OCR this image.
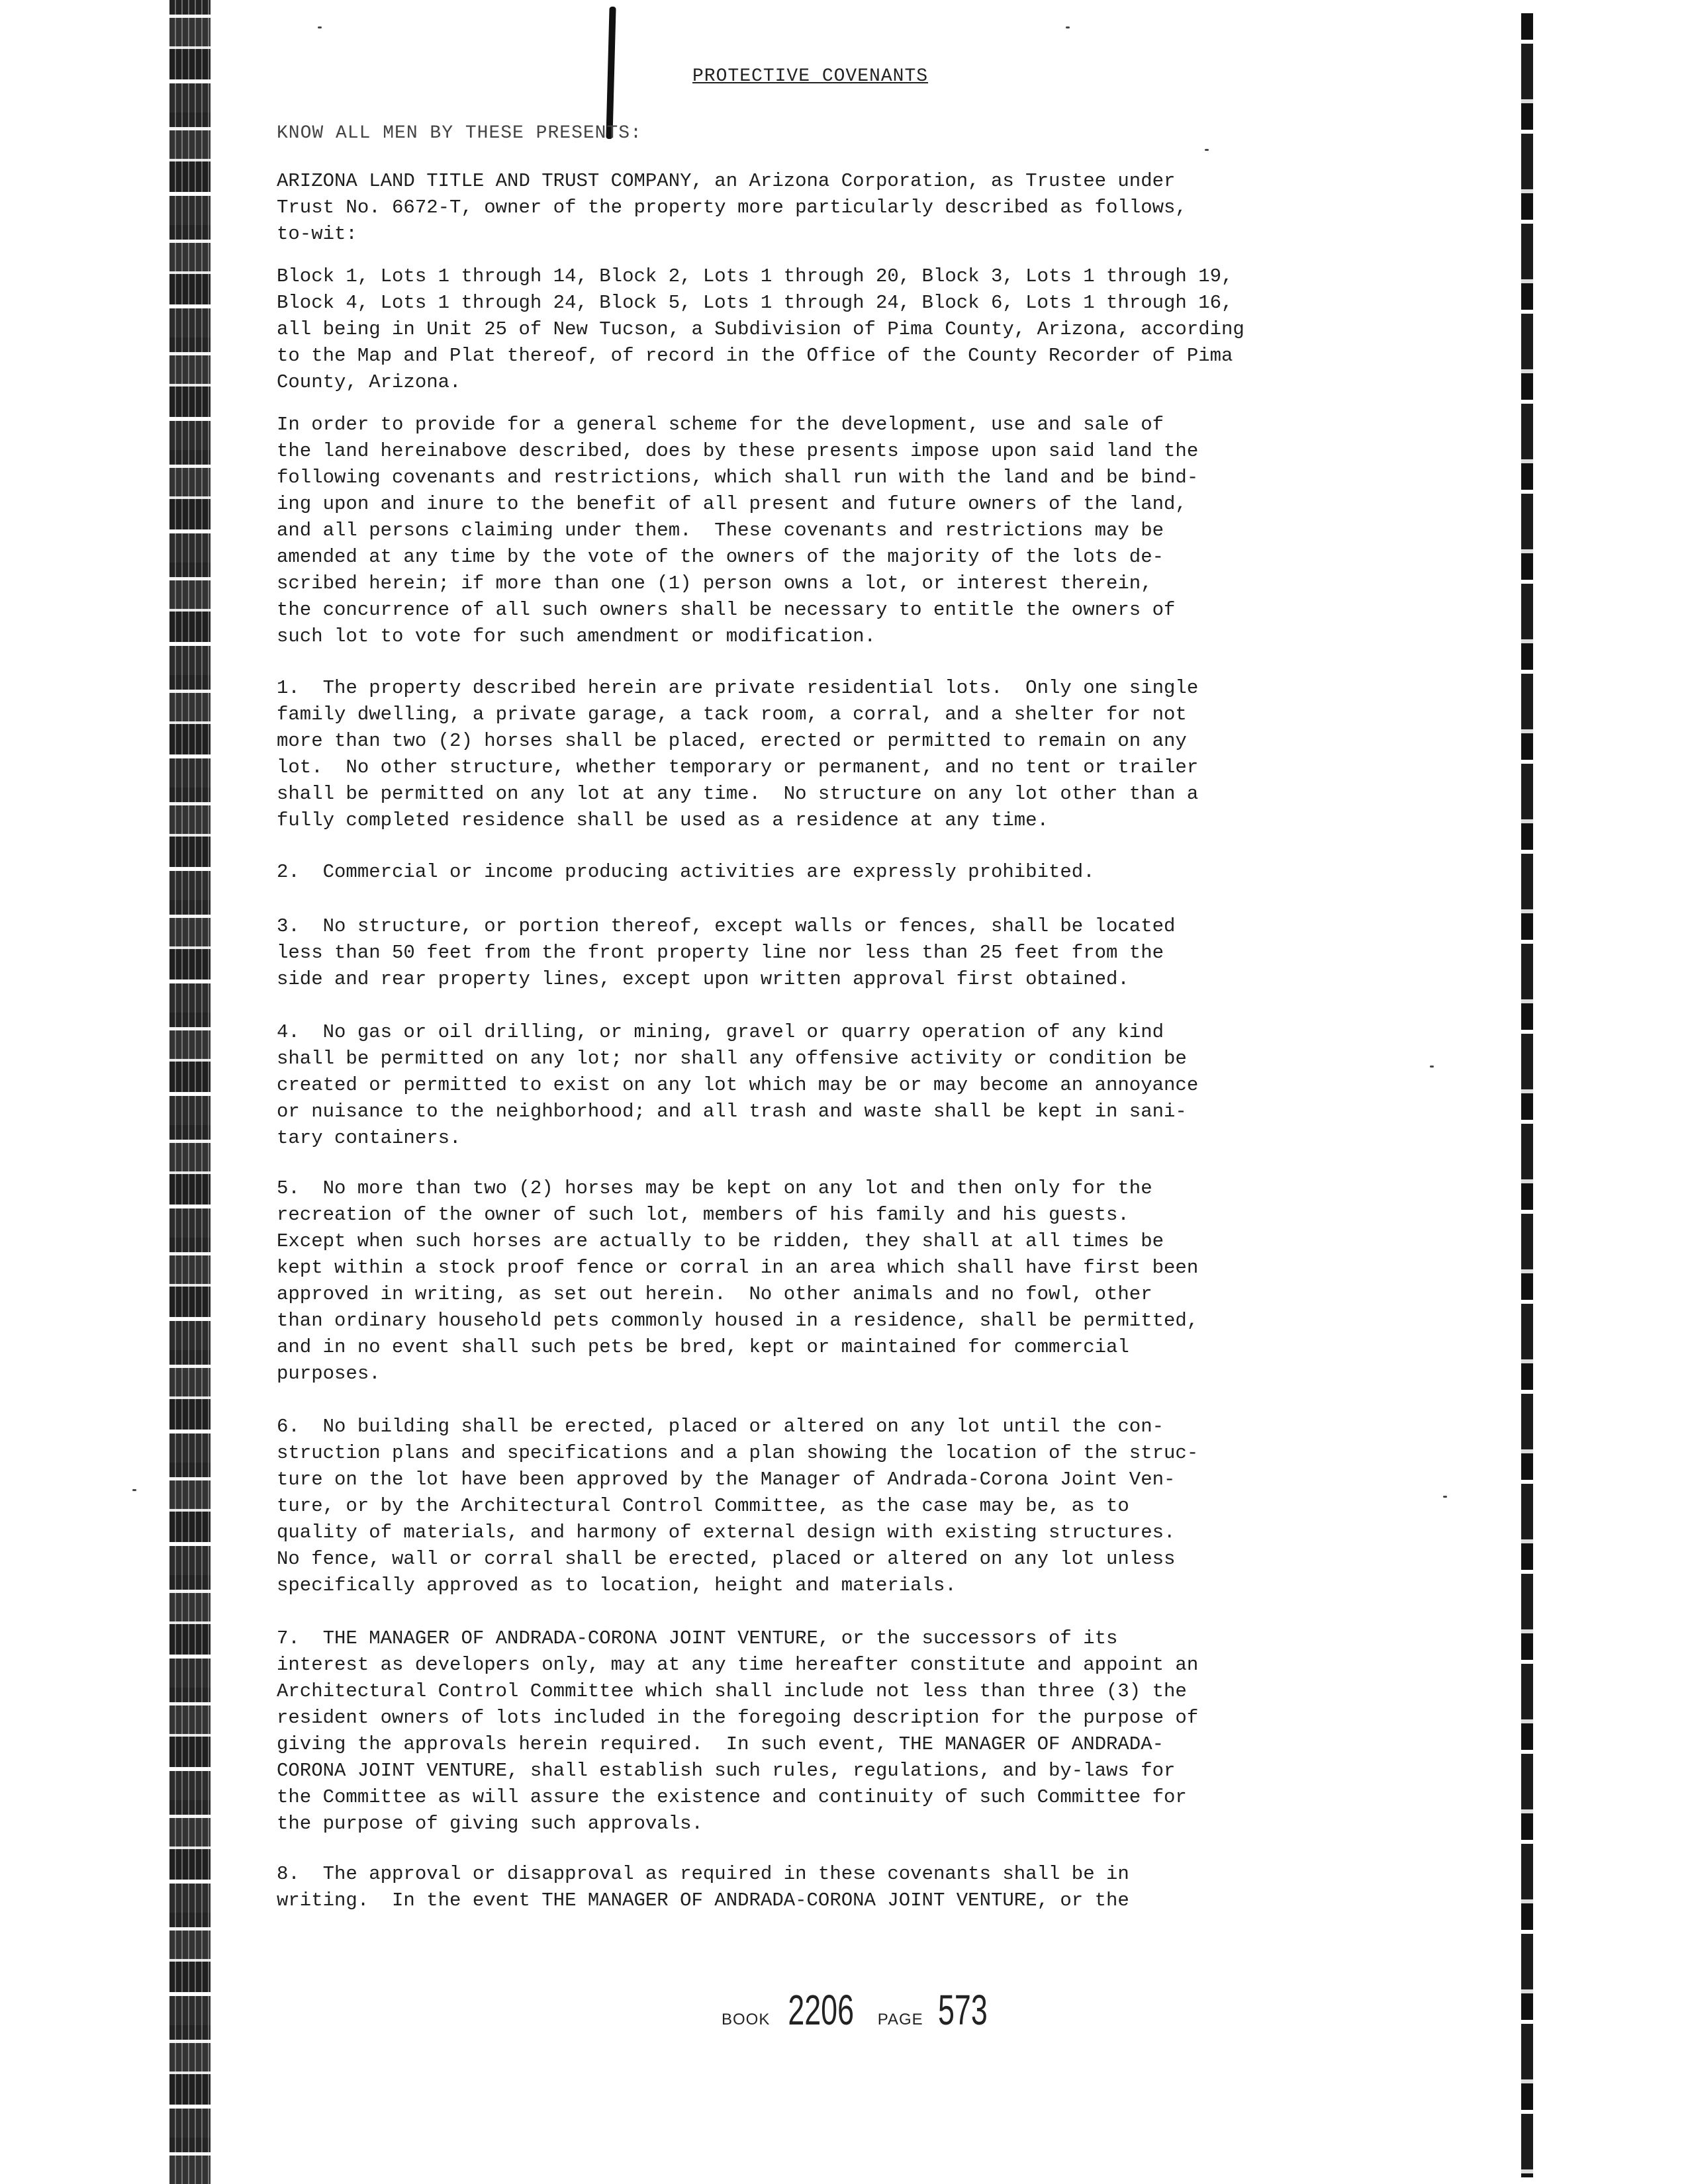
PROTECTIVE COVENANTS
KNOW ALL MEN BY THESE PRESENTS:

ARIZONA LAND TITLE AND TRUST COMPANY, an Arizona Corporation, as Trustee under
Trust No. 6672-T, owner of the property more particularly described as follows,
to-wit:

Block 1, Lots 1 through 14, Block 2, Lots 1 through 20, Block 3, Lots 1 through 19,
Block 4, Lots 1 through 24, Block 5, Lots 1 through 24, Block 6, Lots 1 through 16,
all being in Unit 25 of New Tucson, a Subdivision of Pima County, Arizona, according
to the Map and Plat thereof, of record in the Office of the County Recorder of Pima
County, Arizona.

In order to provide for a general scheme for the development, use and sale of
the land hereinabove described, does by these presents impose upon said land the
following covenants and restrictions, which shall run with the land and be bind-
ing upon and inure to the benefit of all present and future owners of the land,
and all persons claiming under them.  These covenants and restrictions may be
amended at any time by the vote of the owners of the majority of the lots de-
scribed herein; if more than one (1) person owns a lot, or interest therein,
the concurrence of all such owners shall be necessary to entitle the owners of
such lot to vote for such amendment or modification.

1.  The property described herein are private residential lots.  Only one single
family dwelling, a private garage, a tack room, a corral, and a shelter for not
more than two (2) horses shall be placed, erected or permitted to remain on any
lot.  No other structure, whether temporary or permanent, and no tent or trailer
shall be permitted on any lot at any time.  No structure on any lot other than a
fully completed residence shall be used as a residence at any time.

2.  Commercial or income producing activities are expressly prohibited.

3.  No structure, or portion thereof, except walls or fences, shall be located
less than 50 feet from the front property line nor less than 25 feet from the
side and rear property lines, except upon written approval first obtained.

4.  No gas or oil drilling, or mining, gravel or quarry operation of any kind
shall be permitted on any lot; nor shall any offensive activity or condition be
created or permitted to exist on any lot which may be or may become an annoyance
or nuisance to the neighborhood; and all trash and waste shall be kept in sani-
tary containers.

5.  No more than two (2) horses may be kept on any lot and then only for the
recreation of the owner of such lot, members of his family and his guests.
Except when such horses are actually to be ridden, they shall at all times be
kept within a stock proof fence or corral in an area which shall have first been
approved in writing, as set out herein.  No other animals and no fowl, other
than ordinary household pets commonly housed in a residence, shall be permitted,
and in no event shall such pets be bred, kept or maintained for commercial
purposes.

6.  No building shall be erected, placed or altered on any lot until the con-
struction plans and specifications and a plan showing the location of the struc-
ture on the lot have been approved by the Manager of Andrada-Corona Joint Ven-
ture, or by the Architectural Control Committee, as the case may be, as to
quality of materials, and harmony of external design with existing structures.
No fence, wall or corral shall be erected, placed or altered on any lot unless
specifically approved as to location, height and materials.

7.  THE MANAGER OF ANDRADA-CORONA JOINT VENTURE, or the successors of its
interest as developers only, may at any time hereafter constitute and appoint an
Architectural Control Committee which shall include not less than three (3) the
resident owners of lots included in the foregoing description for the purpose of
giving the approvals herein required.  In such event, THE MANAGER OF ANDRADA-
CORONA JOINT VENTURE, shall establish such rules, regulations, and by-laws for
the Committee as will assure the existence and continuity of such Committee for
the purpose of giving such approvals.

8.  The approval or disapproval as required in these covenants shall be in
writing.  In the event THE MANAGER OF ANDRADA-CORONA JOINT VENTURE, or the

BOOK 2206 PAGE 573
